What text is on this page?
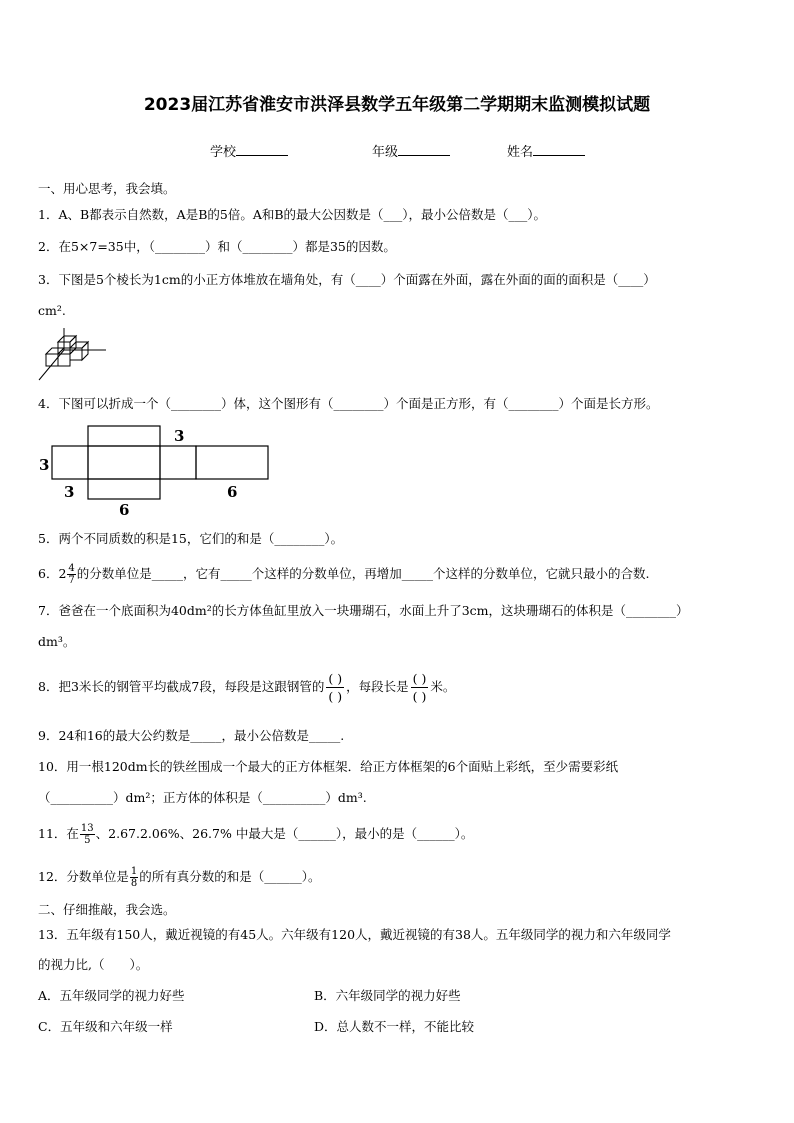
2023届江苏省淮安市洪泽县数学五年级第二学期期末监测模拟试题
学校	年级	姓名
一、用心思考，我会填。
1．A、B都表示自然数，A是B的5倍。A和B的最大公因数是（___），最小公倍数是（___）。
2．在5×7=35中，（________）和（________）都是35的因数。
3．下图是5个棱长为1cm的小正方体堆放在墙角处，有（____）个面露在外面，露在外面的面的面积是（____）
cm².
4．下图可以折成一个（________）体，这个图形有（________）个面是正方形，有（________）个面是长方形。
3
3
3
6
6
5．两个不同质数的积是15，它们的和是（________）。
6．$2 \frac{4}{7}$ 的分数单位是_____，它有_____个这样的分数单位，再增加_____个这样的分数单位，它就只最小的合数.
7．爸爸在一个底面积为40dm²的长方体鱼缸里放入一块珊瑚石，水面上升了3cm，这块珊瑚石的体积是（________）
dm³。
8．把3米长的钢管平均截成7段，每段是这跟钢管的
( )
( )
，每段长是
( )
( )
米。
9．24和16的最大公约数是_____，最小公倍数是_____.
10．用一根120dm长的铁丝围成一个最大的正方体框架．给正方体框架的6个面贴上彩纸，至少需要彩纸
（__________）dm²；正方体的体积是（__________）dm³.
11．在 $\frac{13}{5}$ 、2.67.2.06%、26.7% 中最大是（______），最小的是（______）。
12．分数单位是 $\frac{1}{8}$ 的所有真分数的和是（______）。
二、仔细推敲，我会选。
13．五年级有150人，戴近视镜的有45人。六年级有120人，戴近视镜的有38人。五年级同学的视力和六年级同学
的视力比,（　　）。
A．五年级同学的视力好些	B．六年级同学的视力好些
C．五年级和六年级一样	D．总人数不一样，不能比较
